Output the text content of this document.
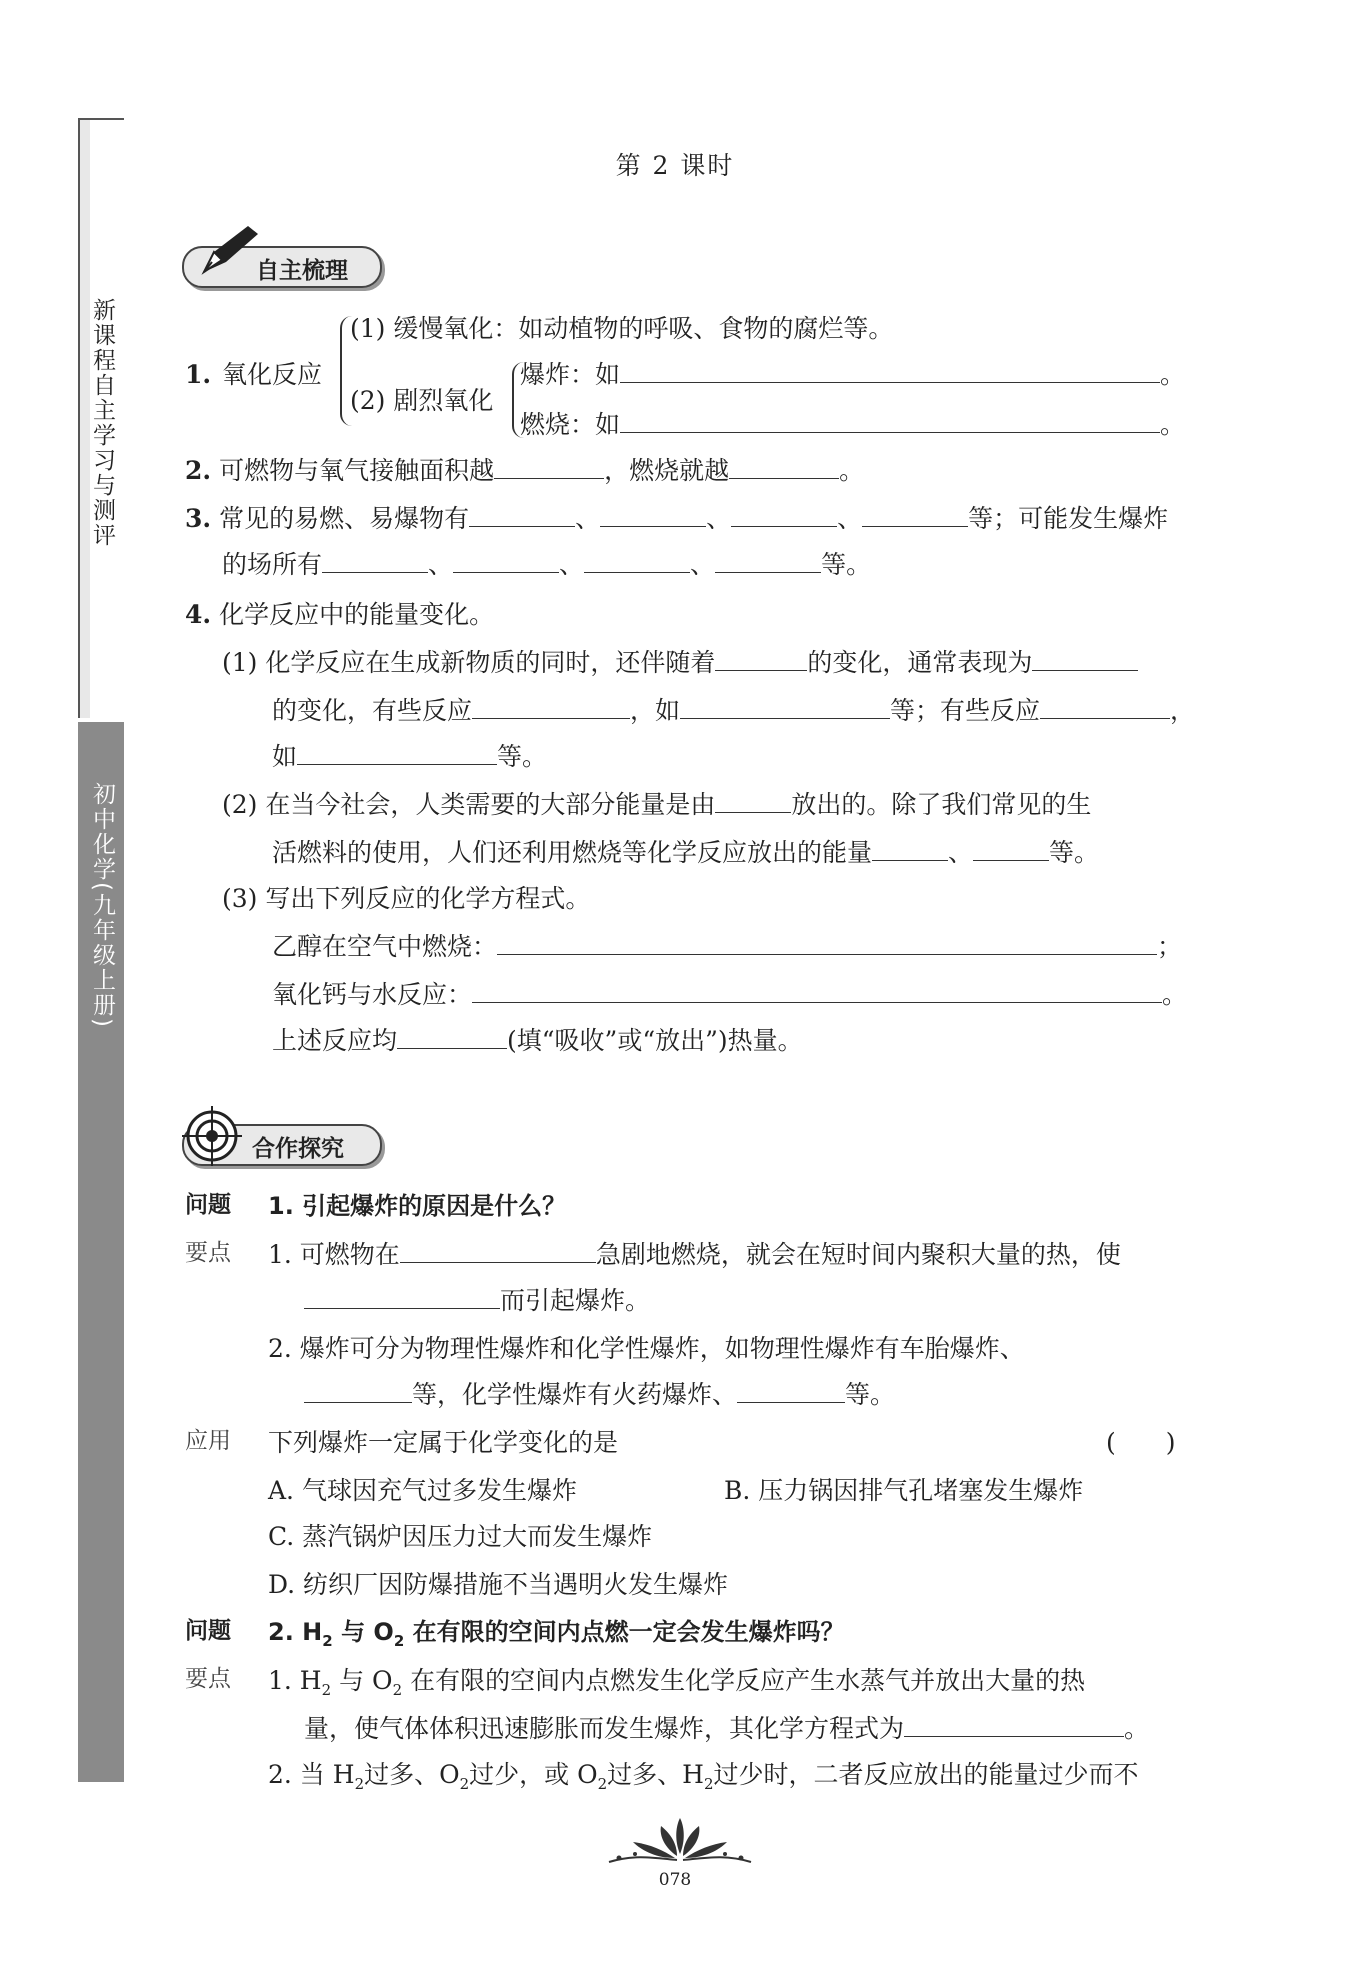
新课程自主学习与测评
初中化学(九年级上册)
第 2 课时
自主梳理
1. 氧化反应
(1) 缓慢氧化：如动植物的呼吸、食物的腐烂等。
(2) 剧烈氧化
爆炸：如	。
燃烧：如	。
2. 可燃物与氧气接触面积越	，燃烧就越	。
3. 常见的易燃、易爆物有	、	、	、	等；可能发生爆炸
的场所有	、	、	、	等。
4. 化学反应中的能量变化。
(1) 化学反应在生成新物质的同时，还伴随着	的变化，通常表现为
的变化，有些反应	，如	等；有些反应	，
如	等。
(2) 在当今社会，人类需要的大部分能量是由	放出的。除了我们常见的生
活燃料的使用，人们还利用燃烧等化学反应放出的能量	、	等。
(3) 写出下列反应的化学方程式。
乙醇在空气中燃烧：	；
氧化钙与水反应：	。
上述反应均	(填“吸收”或“放出”)热量。
合作探究
问题 1. 引起爆炸的原因是什么？
要点 1. 可燃物在	急剧地燃烧，就会在短时间内聚积大量的热，使
而引起爆炸。
2. 爆炸可分为物理性爆炸和化学性爆炸，如物理性爆炸有车胎爆炸、
等，化学性爆炸有火药爆炸、	等。
应用 下列爆炸一定属于化学变化的是	(　　)
A. 气球因充气过多发生爆炸	B. 压力锅因排气孔堵塞发生爆炸
C. 蒸汽锅炉因压力过大而发生爆炸
D. 纺织厂因防爆措施不当遇明火发生爆炸
问题 2. $H_2$ 与 $O_2$ 在有限的空间内点燃一定会发生爆炸吗？
要点 1. $H_2$ 与 $O_2$ 在有限的空间内点燃发生化学反应产生水蒸气并放出大量的热
量，使气体体积迅速膨胀而发生爆炸，其化学方程式为	。
2. 当 $H_2$过多、$O_2$过少，或 $O_2$过多、$H_2$过少时，二者反应放出的能量过少而不
078
